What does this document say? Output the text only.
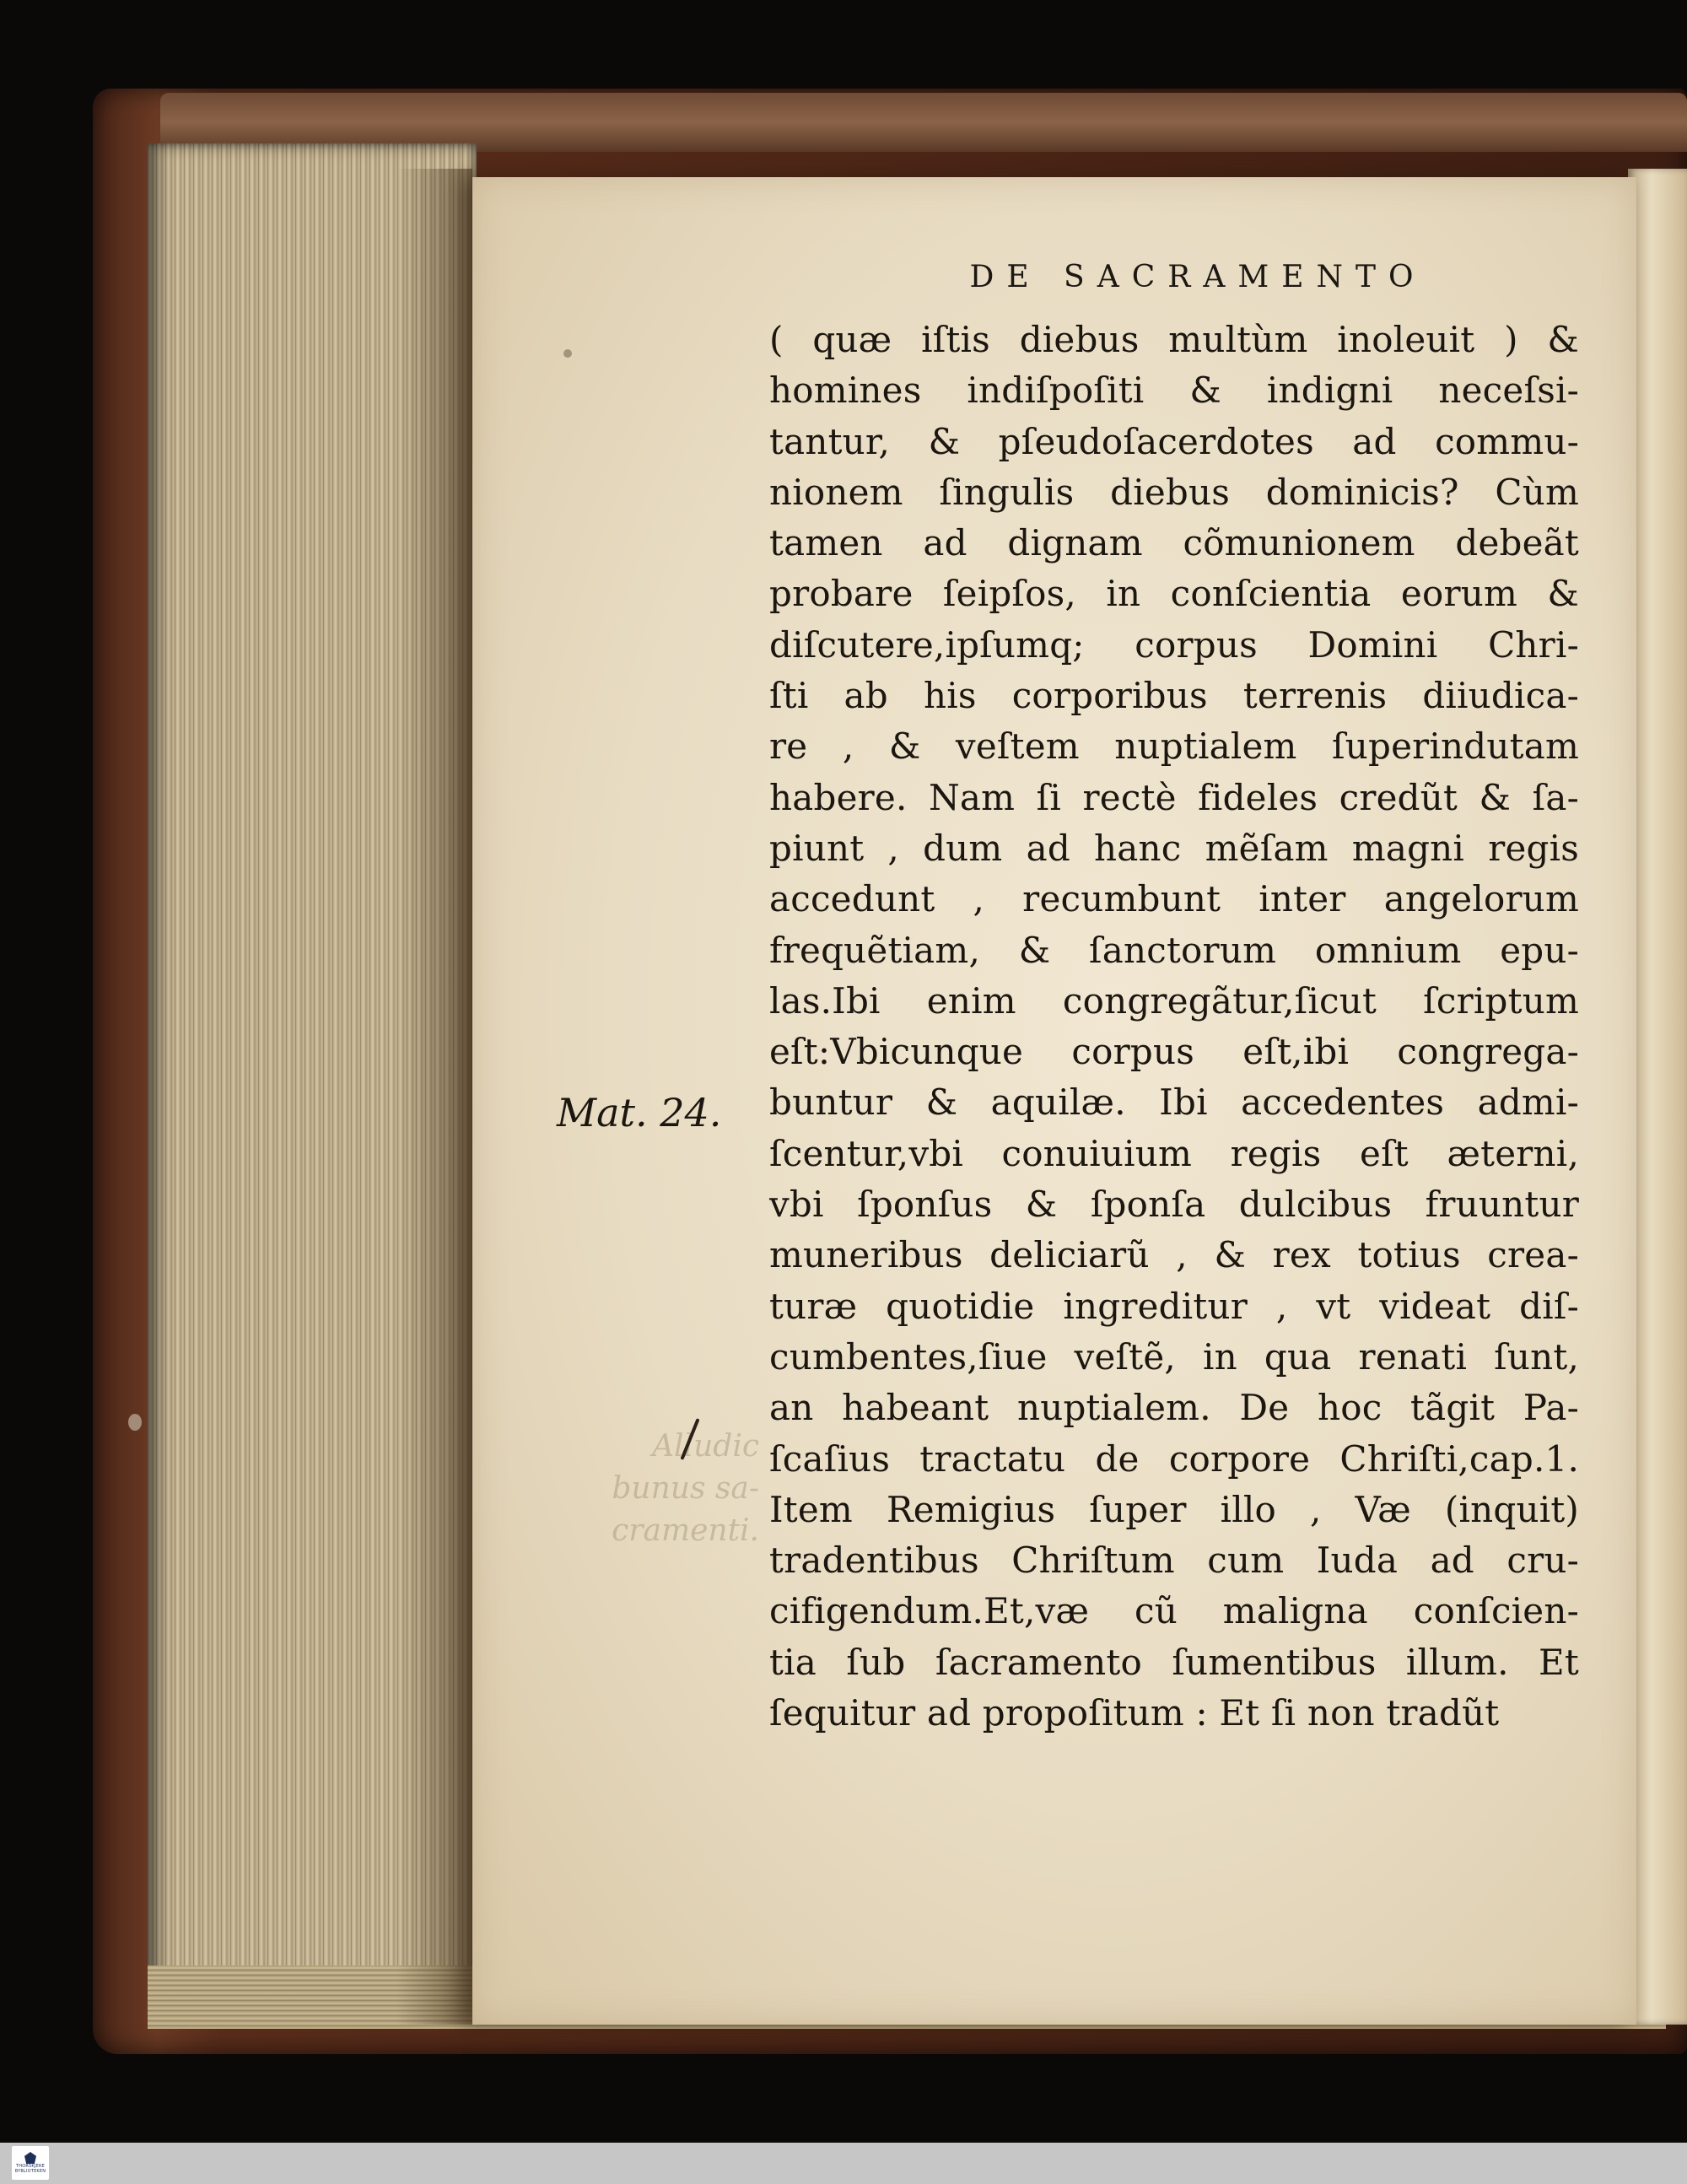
DE SACRAMENTO
Mat. 24.
Alludic bunus sa- cramenti.
( quæ iſtis diebus multùm inoleuit ) &
homines indiſpoſiti & indigni neceſsi-
tantur, & pſeudoſacerdotes ad commu-
nionem ſingulis diebus dominicis? Cùm
tamen ad dignam cõmunionem debeãt
probare ſeipſos, in conſcientia eorum &
diſcutere,ipſumq; corpus Domini Chri-
ſti ab his corporibus terrenis diiudica-
re , & veſtem nuptialem ſuperindutam
habere. Nam ſi rectè fideles credũt & ſa-
piunt , dum ad hanc mẽſam magni regis
accedunt , recumbunt inter angelorum
frequẽtiam, & ſanctorum omnium epu-
las.Ibi enim congregãtur,ſicut ſcriptum
eſt:Vbicunque corpus eſt,ibi congrega-
buntur & aquilæ. Ibi accedentes admi-
ſcentur,vbi conuiuium regis eſt æterni,
vbi ſponſus & ſponſa dulcibus fruuntur
muneribus deliciarũ , & rex totius crea-
turæ quotidie ingreditur , vt videat diſ-
cumbentes,ſiue veſtẽ, in qua renati ſunt,
an habeant nuptialem. De hoc tãgit Pa-
ſcaſius tractatu de corpore Chriſti,cap.1.
Item Remigius ſuper illo , Væ (inquit)
tradentibus Chriſtum cum Iuda ad cru-
cifigendum.Et,væ cũ maligna conſcien-
tia ſub ſacramento ſumentibus illum. Et
ſequitur ad propoſitum : Et ſi non tradũt
THORSKJERE BYBLIOTEKEN
